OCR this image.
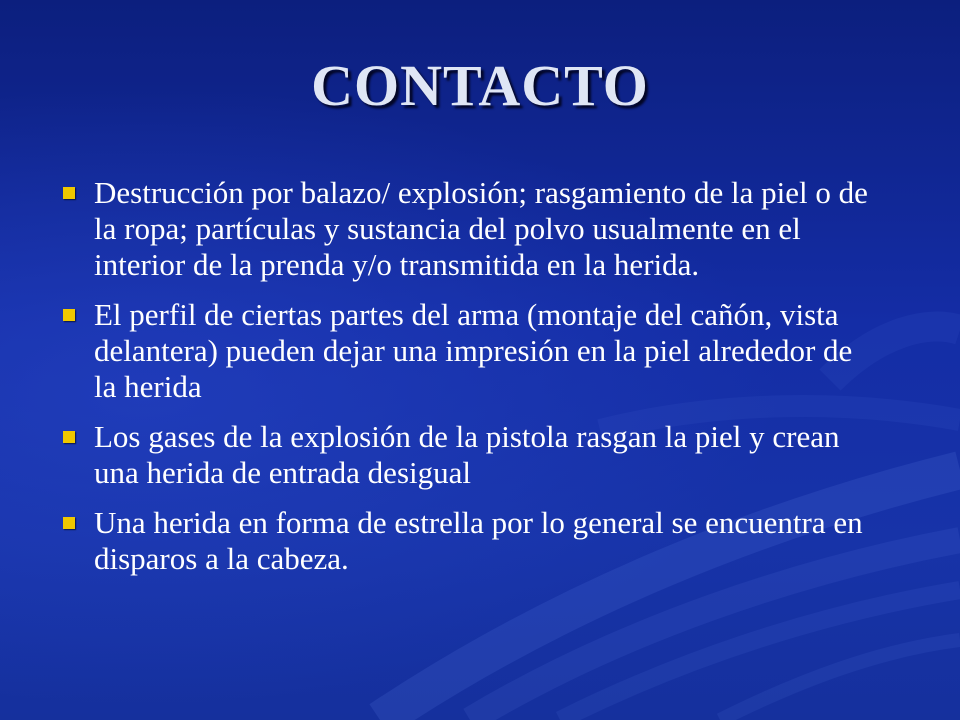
CONTACTO
Destrucción por balazo/ explosión; rasgamiento de la piel o de la ropa; partículas y sustancia del polvo usualmente en el interior de la prenda y/o transmitida en la herida.
El perfil de ciertas partes del arma (montaje del cañón, vista delantera) pueden dejar una impresión en la piel alrededor de la herida
Los gases de la explosión de la pistola rasgan la piel y crean una herida de entrada desigual
Una herida en forma de estrella por lo general se encuentra en disparos a la cabeza.
